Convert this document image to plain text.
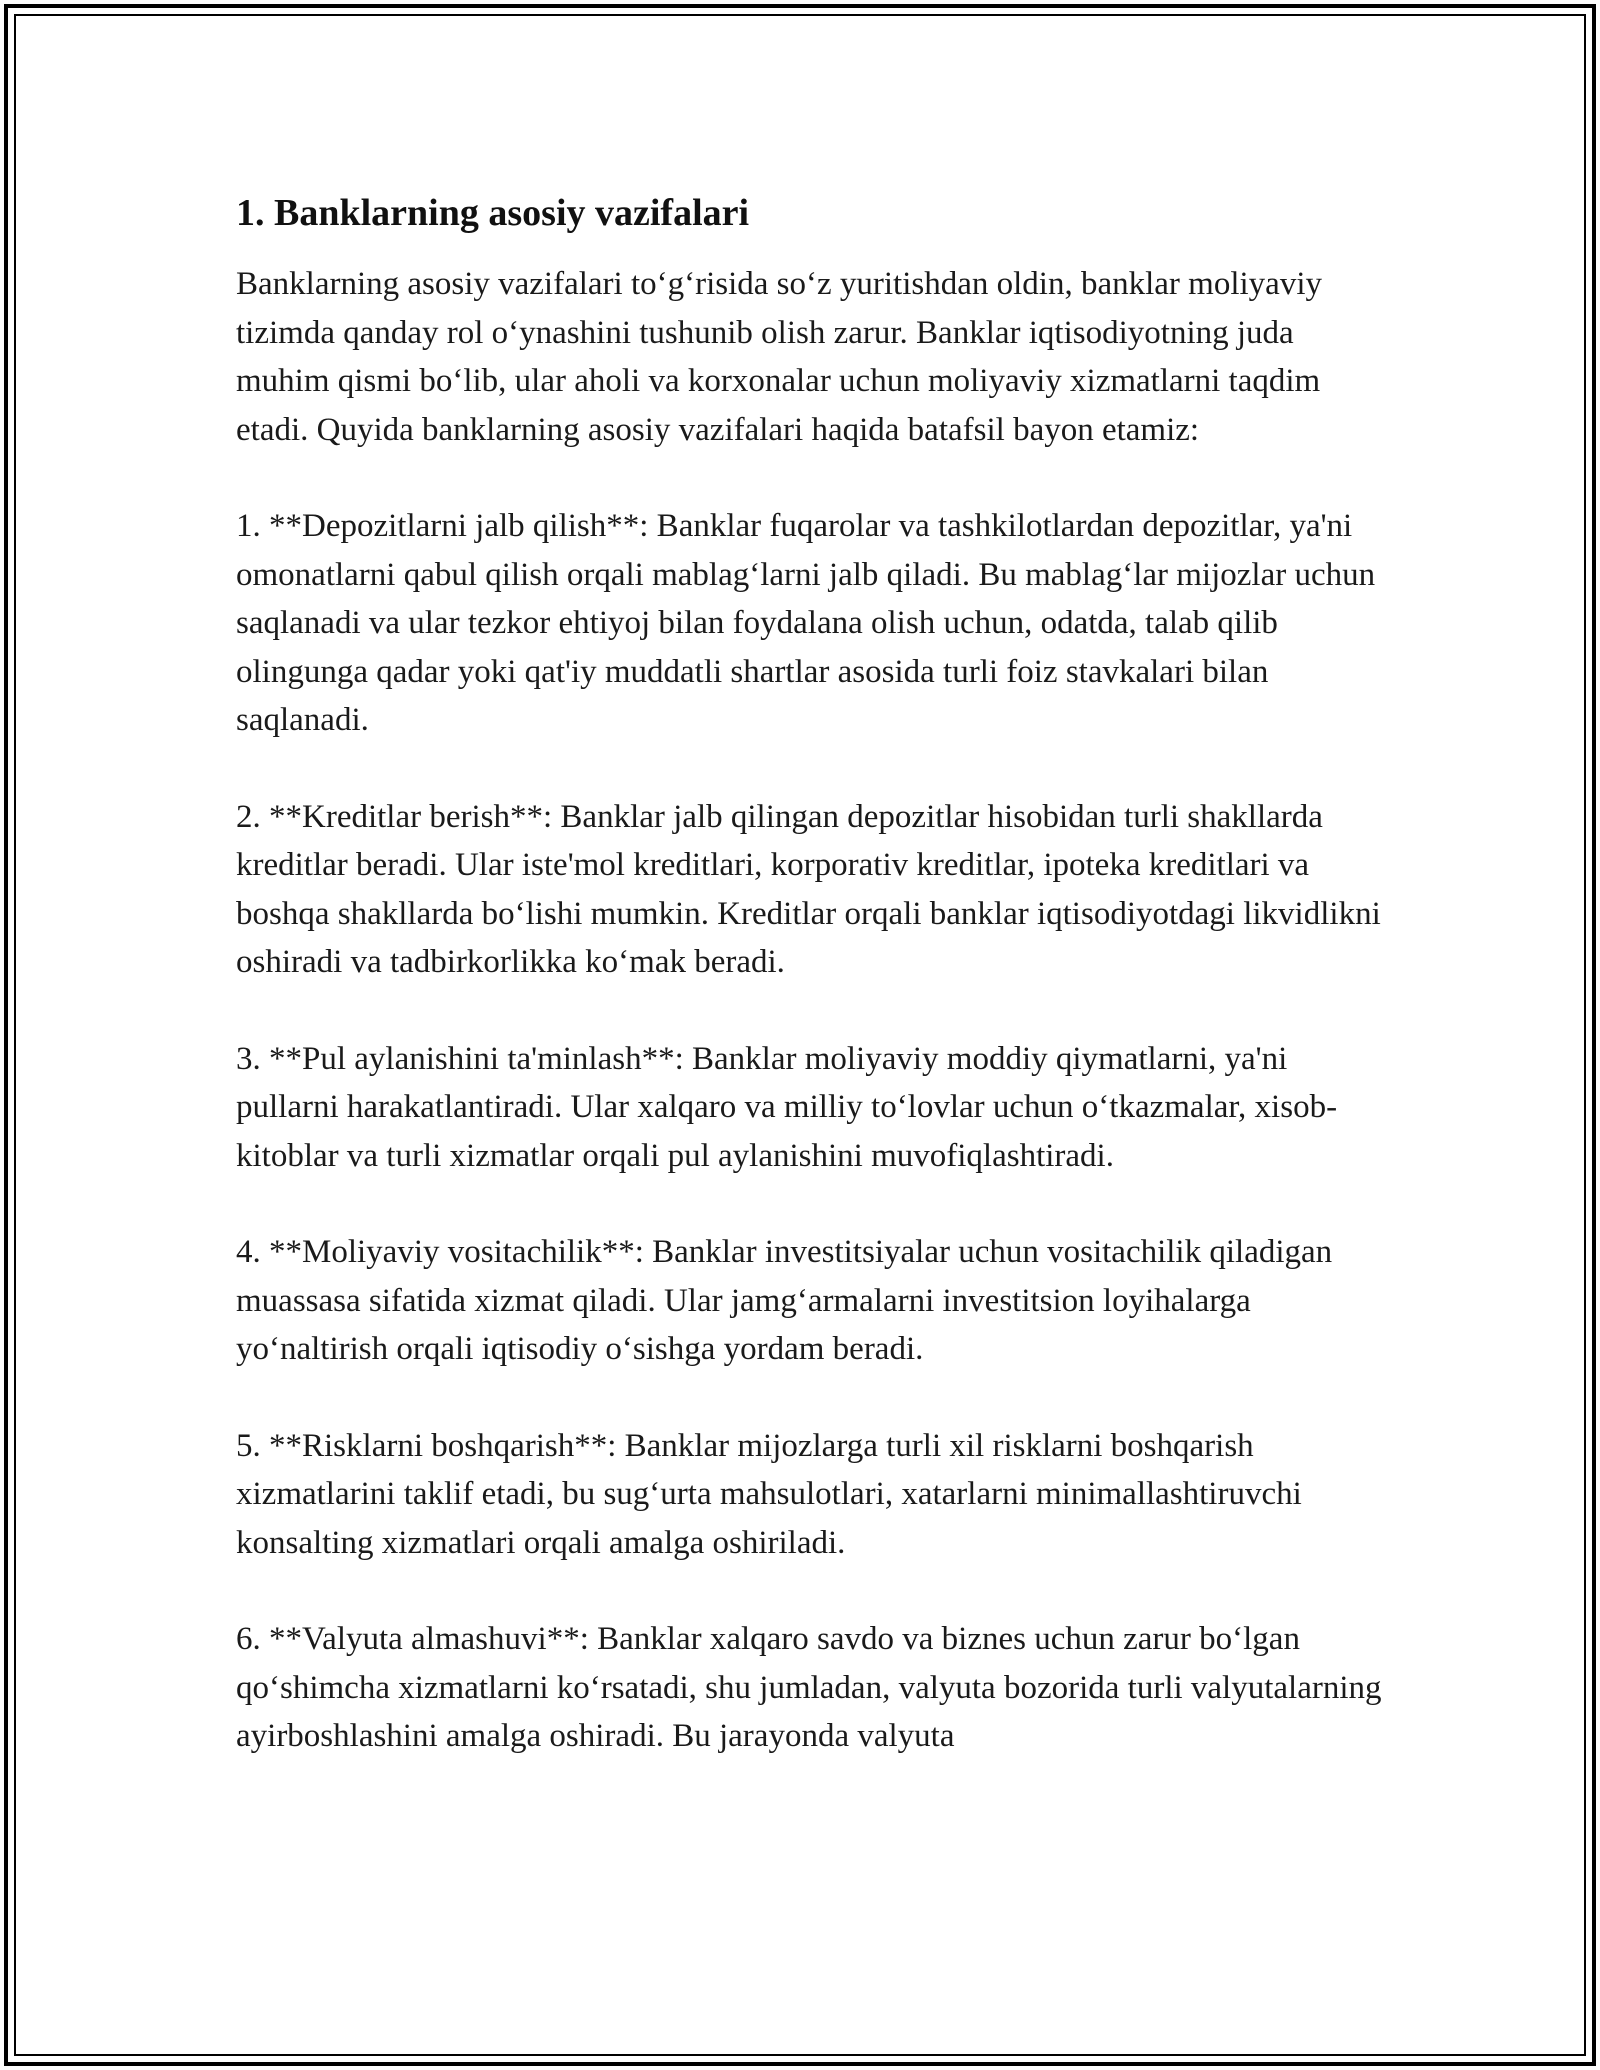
1. Banklarning asosiy vazifalari

Banklarning asosiy vazifalari to‘g‘risida so‘z yuritishdan oldin, banklar moliyaviy tizimda qanday rol o‘ynashini tushunib olish zarur. Banklar iqtisodiyotning juda muhim qismi bo‘lib, ular aholi va korxonalar uchun moliyaviy xizmatlarni taqdim etadi. Quyida banklarning asosiy vazifalari haqida batafsil bayon etamiz:

1. **Depozitlarni jalb qilish**: Banklar fuqarolar va tashkilotlardan depozitlar, ya'ni omonatlarni qabul qilish orqali mablag‘larni jalb qiladi. Bu mablag‘lar mijozlar uchun saqlanadi va ular tezkor ehtiyoj bilan foydalana olish uchun, odatda, talab qilib olingunga qadar yoki qat'iy muddatli shartlar asosida turli foiz stavkalari bilan saqlanadi.

2. **Kreditlar berish**: Banklar jalb qilingan depozitlar hisobidan turli shakllarda kreditlar beradi. Ular iste'mol kreditlari, korporativ kreditlar, ipoteka kreditlari va boshqa shakllarda bo‘lishi mumkin. Kreditlar orqali banklar iqtisodiyotdagi likvidlikni oshiradi va tadbirkorlikka ko‘mak beradi.

3. **Pul aylanishini ta'minlash**: Banklar moliyaviy moddiy qiymatlarni, ya'ni pullarni harakatlantiradi. Ular xalqaro va milliy to‘lovlar uchun o‘tkazmalar, xisob-kitoblar va turli xizmatlar orqali pul aylanishini muvofiqlashtiradi.

4. **Moliyaviy vositachilik**: Banklar investitsiyalar uchun vositachilik qiladigan muassasa sifatida xizmat qiladi. Ular jamg‘armalarni investitsion loyihalarga yo‘naltirish orqali iqtisodiy o‘sishga yordam beradi.

5. **Risklarni boshqarish**: Banklar mijozlarga turli xil risklarni boshqarish xizmatlarini taklif etadi, bu sug‘urta mahsulotlari, xatarlarni minimallashtiruvchi konsalting xizmatlari orqali amalga oshiriladi.

6. **Valyuta almashuvi**: Banklar xalqaro savdo va biznes uchun zarur bo‘lgan qo‘shimcha xizmatlarni ko‘rsatadi, shu jumladan, valyuta bozorida turli valyutalarning ayirboshlashini amalga oshiradi. Bu jarayonda valyuta
